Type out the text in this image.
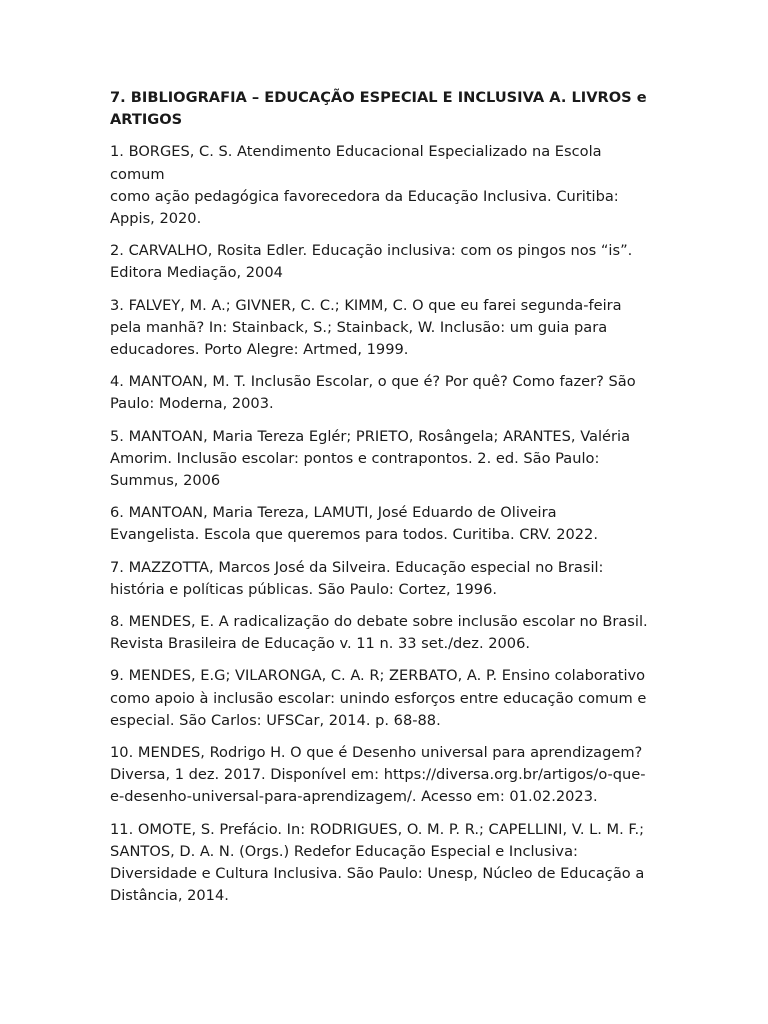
7. BIBLIOGRAFIA – EDUCAÇÃO ESPECIAL E INCLUSIVA A. LIVROS e ARTIGOS
1. BORGES, C. S. Atendimento Educacional Especializado na Escola comum
como ação pedagógica favorecedora da Educação Inclusiva. Curitiba:
Appis, 2020.
2. CARVALHO, Rosita Edler. Educação inclusiva: com os pingos nos “is”.
Editora Mediação, 2004
3. FALVEY, M. A.; GIVNER, C. C.; KIMM, C. O que eu farei segunda-feira
pela manhã? In: Stainback, S.; Stainback, W. Inclusão: um guia para
educadores. Porto Alegre: Artmed, 1999.
4. MANTOAN, M. T. Inclusão Escolar, o que é? Por quê? Como fazer? São
Paulo: Moderna, 2003.
5. MANTOAN, Maria Tereza Eglér; PRIETO, Rosângela; ARANTES, Valéria
Amorim. Inclusão escolar: pontos e contrapontos. 2. ed. São Paulo:
Summus, 2006
6. MANTOAN, Maria Tereza, LAMUTI, José Eduardo de Oliveira
Evangelista. Escola que queremos para todos. Curitiba. CRV. 2022.
7. MAZZOTTA, Marcos José da Silveira. Educação especial no Brasil:
história e políticas públicas. São Paulo: Cortez, 1996.
8. MENDES, E. A radicalização do debate sobre inclusão escolar no Brasil.
Revista Brasileira de Educação v. 11 n. 33 set./dez. 2006.
9. MENDES, E.G; VILARONGA, C. A. R; ZERBATO, A. P. Ensino colaborativo
como apoio à inclusão escolar: unindo esforços entre educação comum e
especial. São Carlos: UFSCar, 2014. p. 68-88.
10. MENDES, Rodrigo H. O que é Desenho universal para aprendizagem?
Diversa, 1 dez. 2017. Disponível em: https://diversa.org.br/artigos/o-que-
e-desenho-universal-para-aprendizagem/. Acesso em: 01.02.2023.
11. OMOTE, S. Prefácio. In: RODRIGUES, O. M. P. R.; CAPELLINI, V. L. M. F.;
SANTOS, D. A. N. (Orgs.) Redefor Educação Especial e Inclusiva:
Diversidade e Cultura Inclusiva. São Paulo: Unesp, Núcleo de Educação a
Distância, 2014.
